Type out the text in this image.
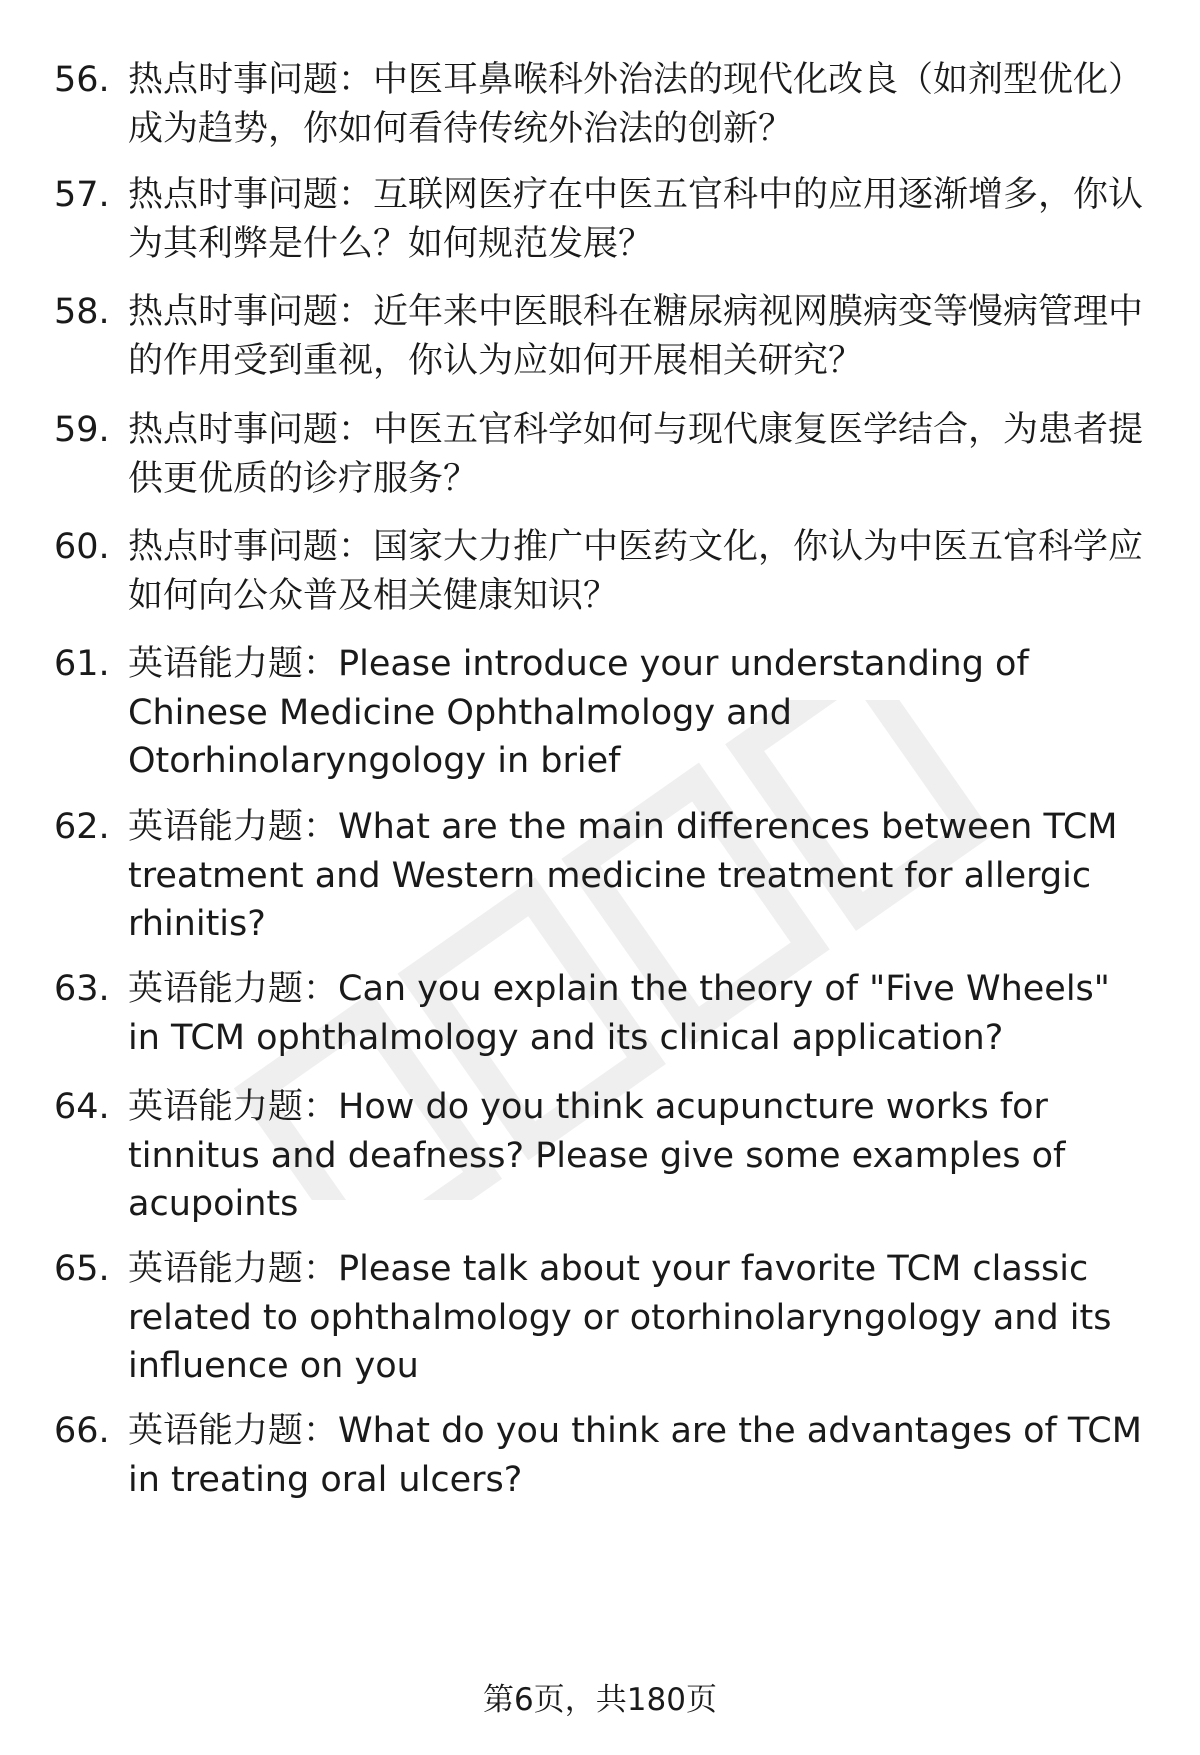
56. 热点时事问题：中医耳鼻喉科外治法的现代化改良（如剂型优化）成为趋势，你如何看待传统外治法的创新？
57. 热点时事问题：互联网医疗在中医五官科中的应用逐渐增多，你认为其利弊是什么？如何规范发展？
58. 热点时事问题：近年来中医眼科在糖尿病视网膜病变等慢病管理中的作用受到重视，你认为应如何开展相关研究？
59. 热点时事问题：中医五官科学如何与现代康复医学结合，为患者提供更优质的诊疗服务？
60. 热点时事问题：国家大力推广中医药文化，你认为中医五官科学应如何向公众普及相关健康知识？
61. 英语能力题：Please introduce your understanding of Chinese Medicine Ophthalmology and Otorhinolaryngology in brief
62. 英语能力题：What are the main differences between TCM treatment and Western medicine treatment for allergic rhinitis?
63. 英语能力题：Can you explain the theory of "Five Wheels" in TCM ophthalmology and its clinical application?
64. 英语能力题：How do you think acupuncture works for tinnitus and deafness? Please give some examples of acupoints
65. 英语能力题：Please talk about your favorite TCM classic related to ophthalmology or otorhinolaryngology and its influence on you
66. 英语能力题：What do you think are the advantages of TCM in treating oral ulcers?
第6页，共180页
